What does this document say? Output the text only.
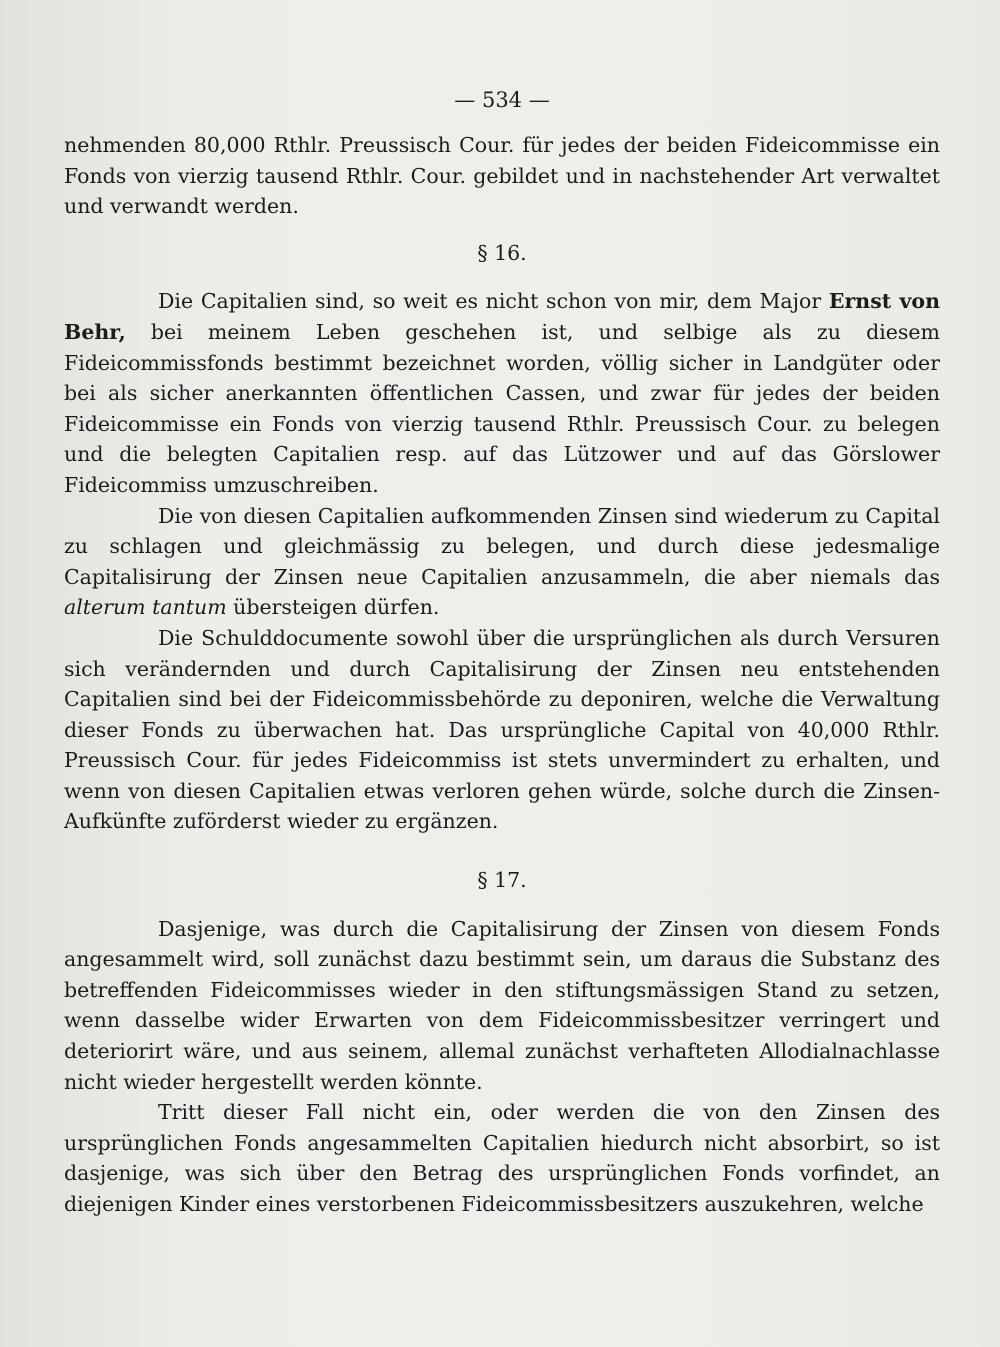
— 534 —

nehmenden 80,000 Rthlr. Preussisch Cour. für jedes der beiden Fideicommisse ein Fonds von vierzig tausend Rthlr. Cour. gebildet und in nachstehender Art verwaltet und verwandt werden.

§ 16.

Die Capitalien sind, so weit es nicht schon von mir, dem Major Ernst von Behr, bei meinem Leben geschehen ist, und selbige als zu diesem Fideicommissfonds bestimmt bezeichnet worden, völlig sicher in Landgüter oder bei als sicher anerkannten öffentlichen Cassen, und zwar für jedes der beiden Fideicommisse ein Fonds von vierzig tausend Rthlr. Preussisch Cour. zu belegen und die belegten Capitalien resp. auf das Lützower und auf das Görslower Fideicommiss umzuschreiben.

Die von diesen Capitalien aufkommenden Zinsen sind wiederum zu Capital zu schlagen und gleichmässig zu belegen, und durch diese jedesmalige Capitalisirung der Zinsen neue Capitalien anzusammeln, die aber niemals das alterum tantum übersteigen dürfen.

Die Schulddocumente sowohl über die ursprünglichen als durch Versuren sich verändernden und durch Capitalisirung der Zinsen neu entstehenden Capitalien sind bei der Fideicommissbehörde zu deponiren, welche die Verwaltung dieser Fonds zu überwachen hat. Das ursprüngliche Capital von 40,000 Rthlr. Preussisch Cour. für jedes Fideicommiss ist stets unvermindert zu erhalten, und wenn von diesen Capitalien etwas verloren gehen würde, solche durch die Zinsen-Aufkünfte zuförderst wieder zu ergänzen.

§ 17.

Dasjenige, was durch die Capitalisirung der Zinsen von diesem Fonds angesammelt wird, soll zunächst dazu bestimmt sein, um daraus die Substanz des betreffenden Fideicommisses wieder in den stiftungsmässigen Stand zu setzen, wenn dasselbe wider Erwarten von dem Fideicommissbesitzer verringert und deteriorirt wäre, und aus seinem, allemal zunächst verhafteten Allodialnachlasse nicht wieder hergestellt werden könnte.

Tritt dieser Fall nicht ein, oder werden die von den Zinsen des ursprünglichen Fonds angesammelten Capitalien hiedurch nicht absorbirt, so ist dasjenige, was sich über den Betrag des ursprünglichen Fonds vorfindet, an diejenigen Kinder eines verstorbenen Fideicommissbesitzers auszukehren, welche
